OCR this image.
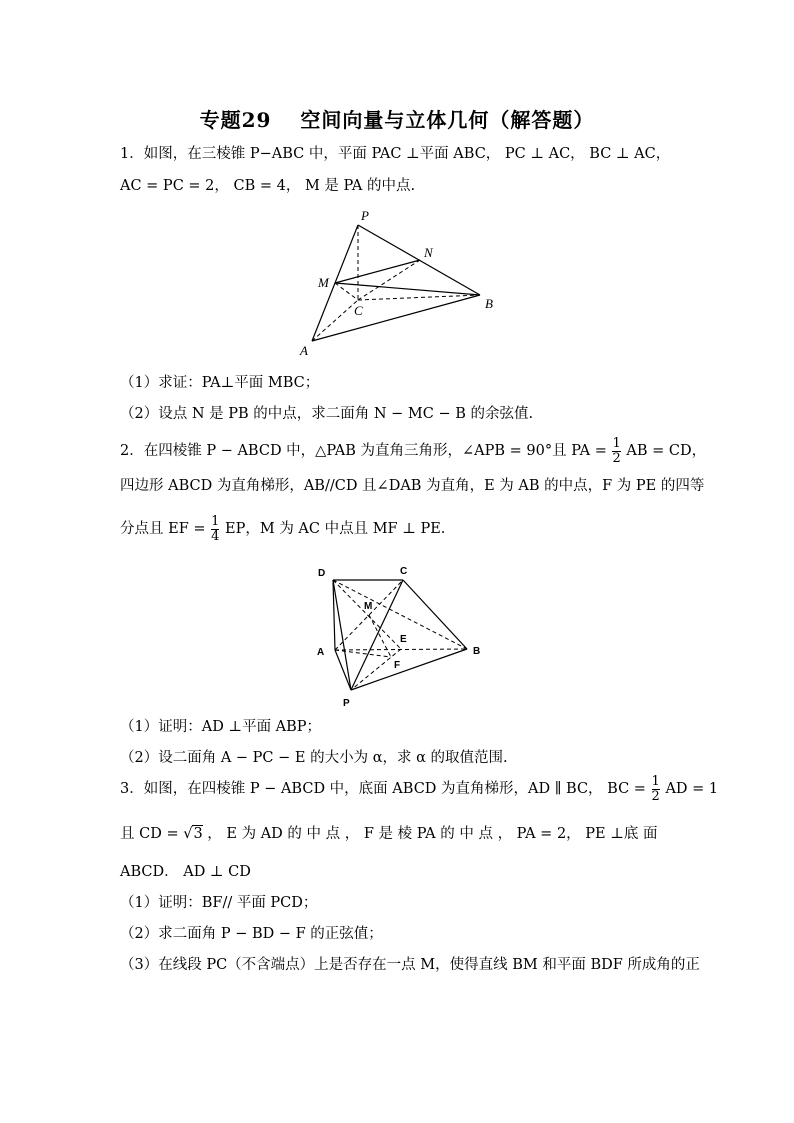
专题29　 空间向量与立体几何（解答题）
1．如图，在三棱锥 P−ABC 中，平面 PAC ⊥平面 ABC， PC ⊥ AC， BC ⊥ AC，
AC = PC = 2， CB = 4， M 是 PA 的中点.
P
N
M
C	B
A
（1）求证：PA⊥平面 MBC；
（2）设点 N 是 PB 的中点，求二面角 N − MC − B 的余弦值.
2．在四棱锥 P − ABCD 中，△PAB 为直角三角形，∠APB = 90°且 PA = $\frac{1}{2}$ AB = CD，
四边形 ABCD 为直角梯形，AB//CD 且∠DAB 为直角，E 为 AB 的中点，F 为 PE 的四等
分点且 EF = $\frac{1}{4}$ EP，M 为 AC 中点且 MF ⊥ PE.
D	C
M
E
A
F
B
P
（1）证明：AD ⊥平面 ABP；
（2）设二面角 A − PC − E 的大小为 α，求 α 的取值范围.
3．如图，在四棱锥 P − ABCD 中，底面 ABCD 为直角梯形，AD ∥ BC， BC = $\frac{1}{2}$ AD = 1
且 CD = √3 ， E 为 AD 的 中 点 ， F 是 棱 PA 的 中 点 ， PA = 2， PE ⊥底 面
ABCD． AD ⊥ CD
（1）证明：BF// 平面 PCD；
（2）求二面角 P − BD − F 的正弦值；
（3）在线段 PC（不含端点）上是否存在一点 M，使得直线 BM 和平面 BDF 所成角的正
